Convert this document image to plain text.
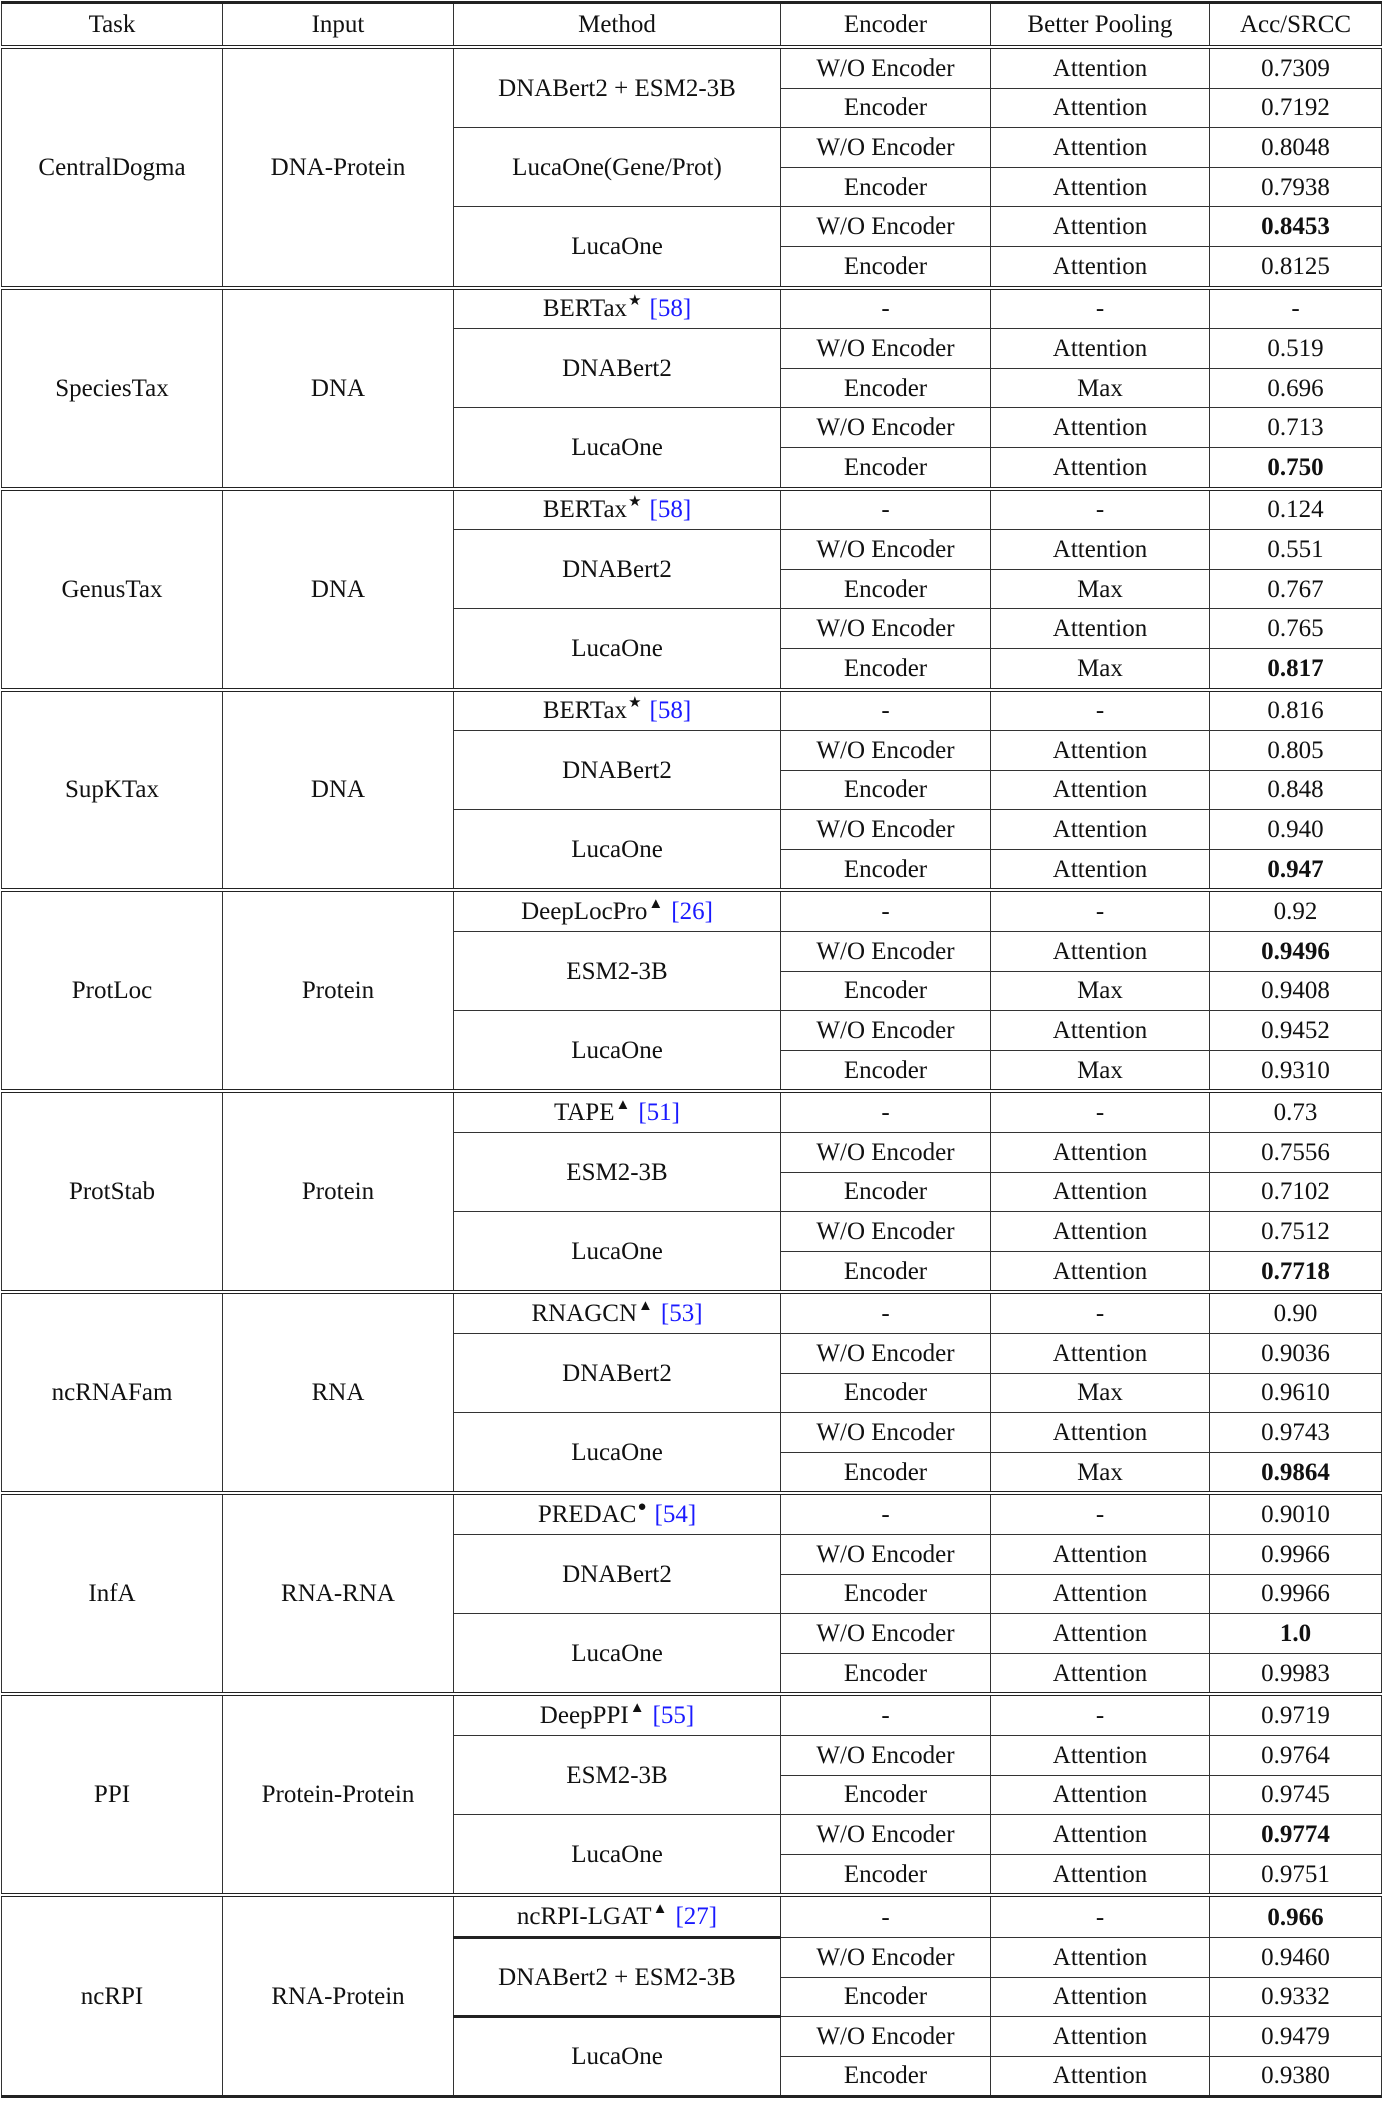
Task	Input	Method	Encoder	Better Pooling	Acc/SRCC
CentralDogma	DNA-Protein	DNABert2 + ESM2-3B	W/O Encoder	Attention	0.7309
			Encoder	Attention	0.7192
		LucaOne(Gene/Prot)	W/O Encoder	Attention	0.8048
			Encoder	Attention	0.7938
		LucaOne	W/O Encoder	Attention	0.8453
			Encoder	Attention	0.8125
SpeciesTax	DNA	BERTax★ [58]	-	-	-
		DNABert2	W/O Encoder	Attention	0.519
			Encoder	Max	0.696
		LucaOne	W/O Encoder	Attention	0.713
			Encoder	Attention	0.750
GenusTax	DNA	BERTax★ [58]	-	-	0.124
		DNABert2	W/O Encoder	Attention	0.551
			Encoder	Max	0.767
		LucaOne	W/O Encoder	Attention	0.765
			Encoder	Max	0.817
SupKTax	DNA	BERTax★ [58]	-	-	0.816
		DNABert2	W/O Encoder	Attention	0.805
			Encoder	Attention	0.848
		LucaOne	W/O Encoder	Attention	0.940
			Encoder	Attention	0.947
ProtLoc	Protein	DeepLocPro▲ [26]	-	-	0.92
		ESM2-3B	W/O Encoder	Attention	0.9496
			Encoder	Max	0.9408
		LucaOne	W/O Encoder	Attention	0.9452
			Encoder	Max	0.9310
ProtStab	Protein	TAPE▲ [51]	-	-	0.73
		ESM2-3B	W/O Encoder	Attention	0.7556
			Encoder	Attention	0.7102
		LucaOne	W/O Encoder	Attention	0.7512
			Encoder	Attention	0.7718
ncRNAFam	RNA	RNAGCN▲ [53]	-	-	0.90
		DNABert2	W/O Encoder	Attention	0.9036
			Encoder	Max	0.9610
		LucaOne	W/O Encoder	Attention	0.9743
			Encoder	Max	0.9864
InfA	RNA-RNA	PREDAC● [54]	-	-	0.9010
		DNABert2	W/O Encoder	Attention	0.9966
			Encoder	Attention	0.9966
		LucaOne	W/O Encoder	Attention	1.0
			Encoder	Attention	0.9983
PPI	Protein-Protein	DeepPPI▲ [55]	-	-	0.9719
		ESM2-3B	W/O Encoder	Attention	0.9764
			Encoder	Attention	0.9745
		LucaOne	W/O Encoder	Attention	0.9774
			Encoder	Attention	0.9751
ncRPI	RNA-Protein	ncRPI-LGAT▲ [27]	-	-	0.966
		DNABert2 + ESM2-3B	W/O Encoder	Attention	0.9460
			Encoder	Attention	0.9332
		LucaOne	W/O Encoder	Attention	0.9479
			Encoder	Attention	0.9380
